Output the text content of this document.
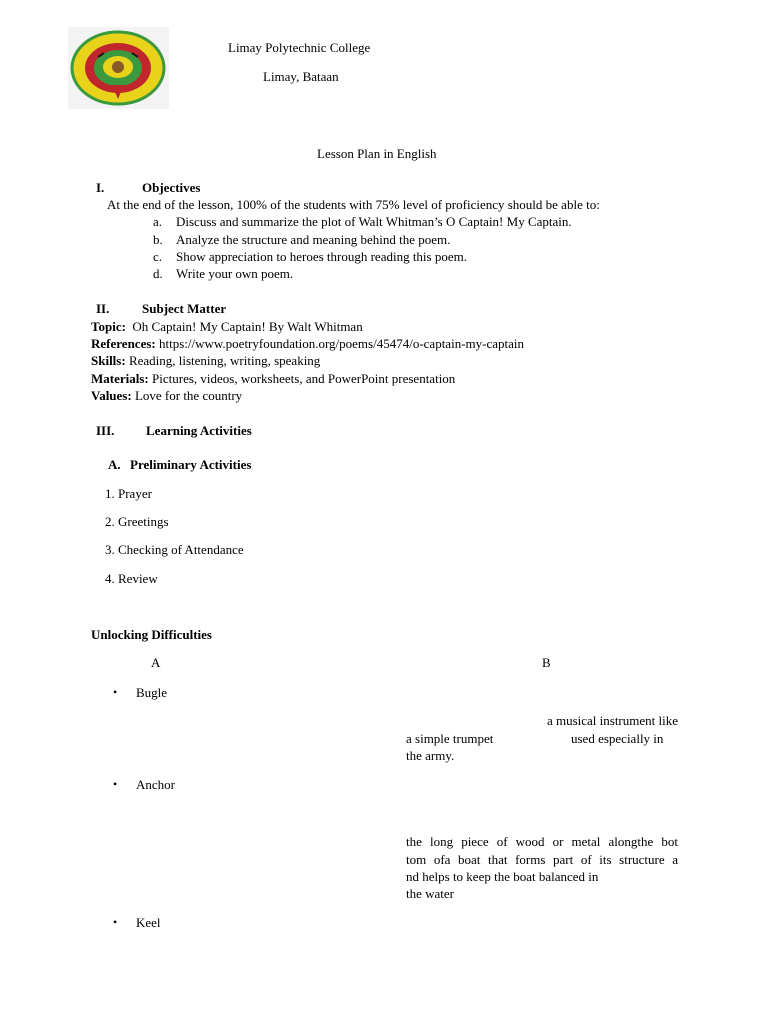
Limay Polytechnic College
Limay, Bataan
Lesson Plan in English
I.	Objectives
At the end of the lesson, 100% of the students with 75% level of proficiency should be able to:
a. Discuss and summarize the plot of Walt Whitman’s O Captain! My Captain.
b. Analyze the structure and meaning behind the poem.
c. Show appreciation to heroes through reading this poem.
d. Write your own poem.
II.	Subject Matter
Topic: Oh Captain! My Captain! By Walt Whitman
References: https://www.poetryfoundation.org/poems/45474/o-captain-my-captain
Skills: Reading, listening, writing, speaking
Materials: Pictures, videos, worksheets, and PowerPoint presentation
Values: Love for the country
III. Learning Activities
A. Preliminary Activities
1. Prayer
2. Greetings
3. Checking of Attendance
4. Review
Unlocking Difficulties
A	B
• Bugle
a musical instrument like
a simple trumpet	used especially in
the army.
• Anchor
the long piece of wood or metal alongthe bot
tom ofa boat that forms part of its structure a
nd helps to keep the boat balanced in
the water
• Keel
